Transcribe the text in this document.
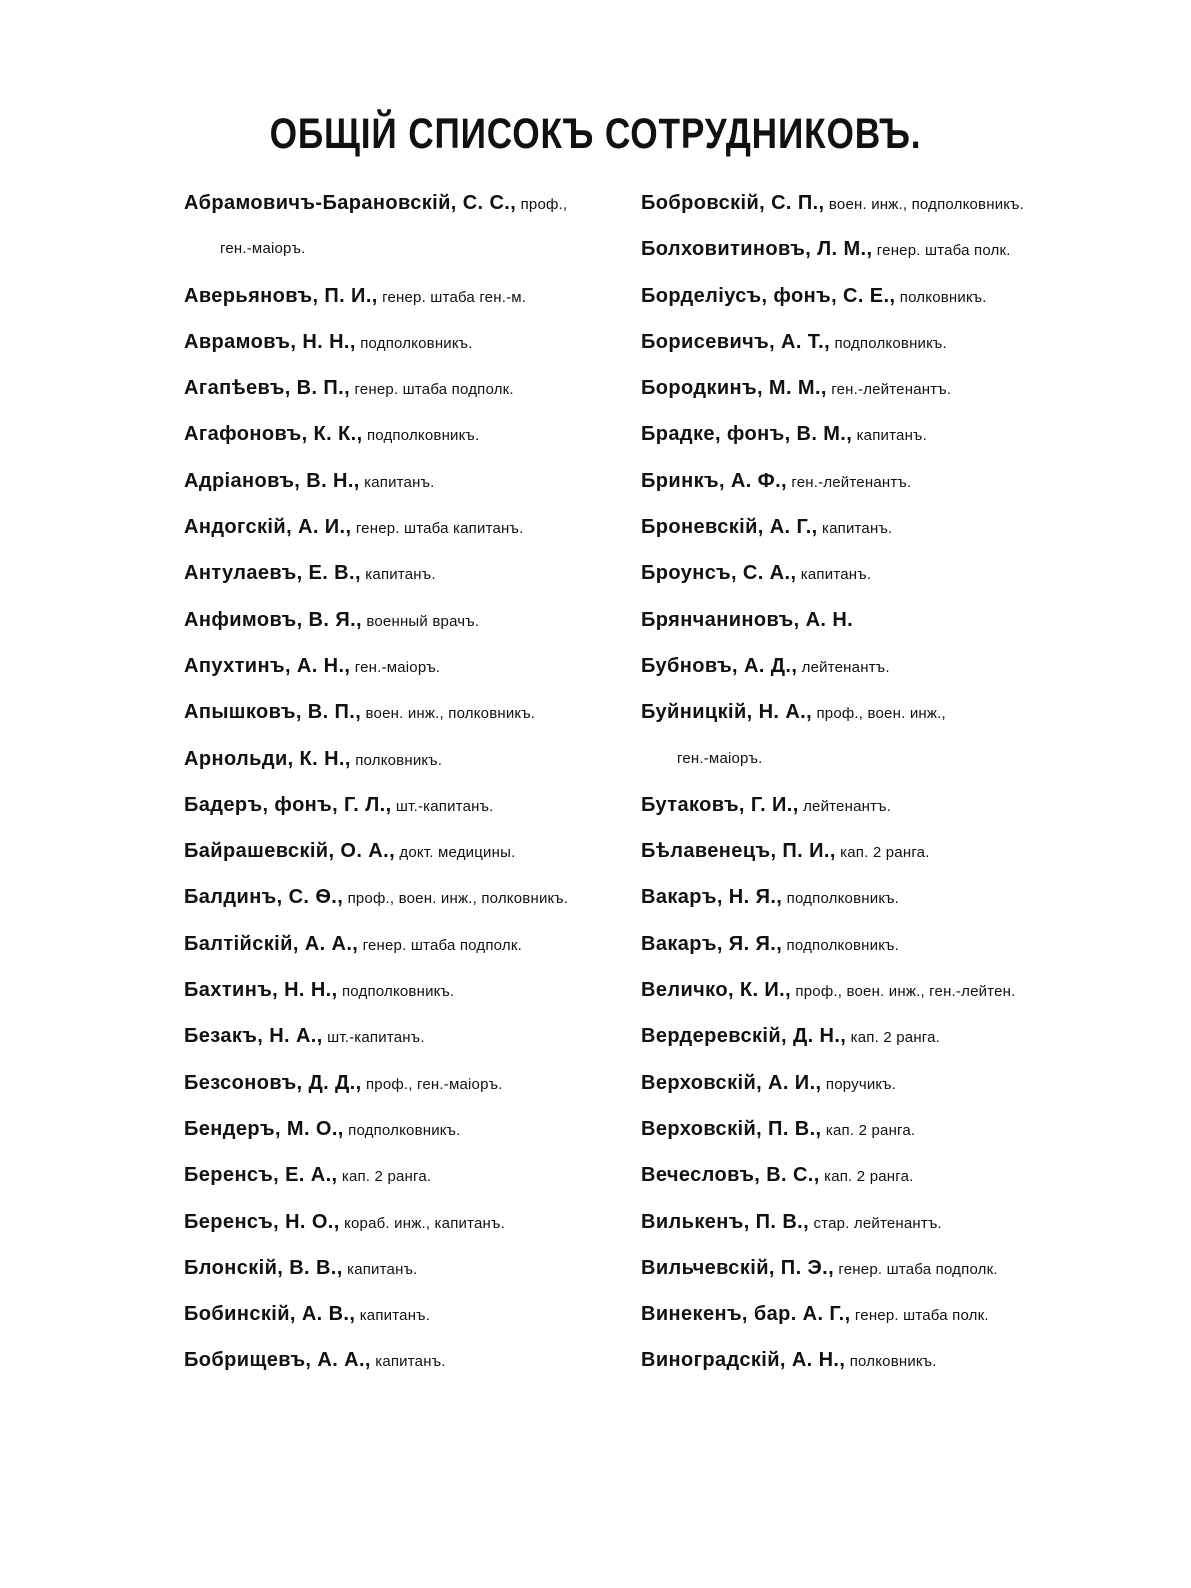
ОБЩІЙ СПИСОКЪ СОТРУДНИКОВЪ.
Абрамовичъ-Барановскій, С. С., проф.,
ген.-маіоръ.
Аверьяновъ, П. И., генер. штаба ген.-м.
Аврамовъ, Н. Н., подполковникъ.
Агапѣевъ, В. П., генер. штаба подполк.
Агафоновъ, К. К., подполковникъ.
Адріановъ, В. Н., капитанъ.
Андогскій, А. И., генер. штаба капитанъ.
Антулаевъ, Е. В., капитанъ.
Анфимовъ, В. Я., военный врачъ.
Апухтинъ, А. Н., ген.-маіоръ.
Апышковъ, В. П., воен. инж., полковникъ.
Арнольди, К. Н., полковникъ.
Бадеръ, фонъ, Г. Л., шт.-капитанъ.
Байрашевскій, О. А., докт. медицины.
Балдинъ, С. Ѳ., проф., воен. инж., полковникъ.
Балтійскій, А. А., генер. штаба подполк.
Бахтинъ, Н. Н., подполковникъ.
Безакъ, Н. А., шт.-капитанъ.
Безсоновъ, Д. Д., проф., ген.-маіоръ.
Бендеръ, М. О., подполковникъ.
Беренсъ, Е. А., кап. 2 ранга.
Беренсъ, Н. О., кораб. инж., капитанъ.
Блонскій, В. В., капитанъ.
Бобинскій, А. В., капитанъ.
Бобрищевъ, А. А., капитанъ.
Бобровскій, С. П., воен. инж., подполковникъ.
Болховитиновъ, Л. М., генер. штаба полк.
Борделіусъ, фонъ, С. Е., полковникъ.
Борисевичъ, А. Т., подполковникъ.
Бородкинъ, М. М., ген.-лейтенантъ.
Брадке, фонъ, В. М., капитанъ.
Бринкъ, А. Ф., ген.-лейтенантъ.
Броневскій, А. Г., капитанъ.
Броунсъ, С. А., капитанъ.
Брянчаниновъ, А. Н.
Бубновъ, А. Д., лейтенантъ.
Буйницкій, Н. А., проф., воен. инж.,
ген.-маіоръ.
Бутаковъ, Г. И., лейтенантъ.
Бѣлавенецъ, П. И., кап. 2 ранга.
Вакаръ, Н. Я., подполковникъ.
Вакаръ, Я. Я., подполковникъ.
Величко, К. И., проф., воен. инж., ген.-лейтен.
Вердеревскій, Д. Н., кап. 2 ранга.
Верховскій, А. И., поручикъ.
Верховскій, П. В., кап. 2 ранга.
Вечесловъ, В. С., кап. 2 ранга.
Вилькенъ, П. В., стар. лейтенантъ.
Вильчевскій, П. Э., генер. штаба подполк.
Винекенъ, бар. А. Г., генер. штаба полк.
Виноградскій, А. Н., полковникъ.
